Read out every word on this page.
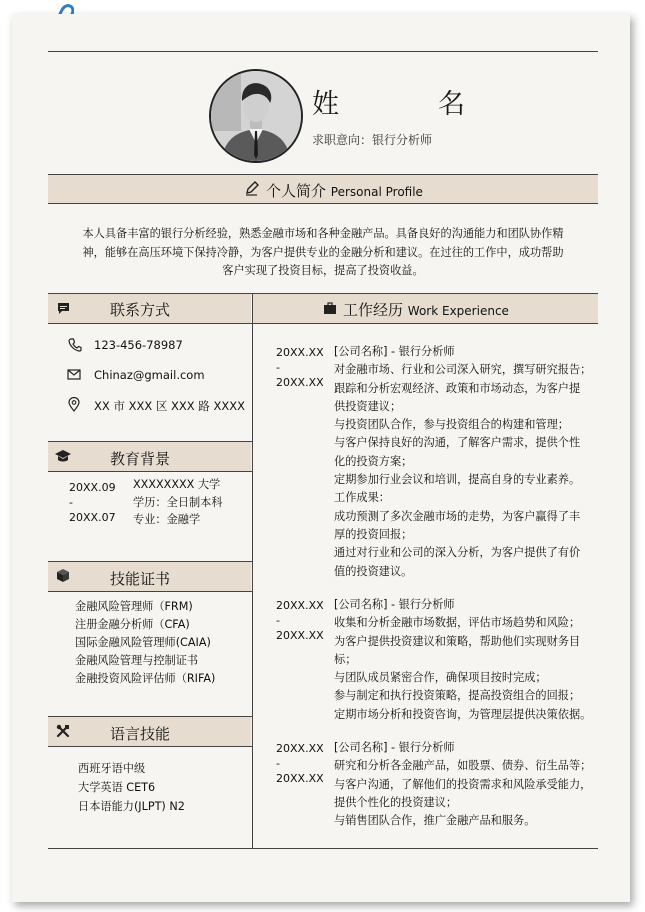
姓　名
求职意向：银行分析师
个人简介 Personal Profile
本人具备丰富的银行分析经验，熟悉金融市场和各种金融产品。具备良好的沟通能力和团队协作精
神，能够在高压环境下保持冷静，为客户提供专业的金融分析和建议。在过往的工作中，成功帮助
客户实现了投资目标，提高了投资收益。
联系方式
123-456-78987
Chinaz@gmail.com
XX 市 XXX 区 XXX 路 XXXX
教育背景
20XX.09
-
20XX.07
XXXXXXXX 大学
学历：全日制本科
专业：金融学
技能证书
金融风险管理师（FRM)
注册金融分析师（CFA)
国际金融风险管理师(CAIA)
金融风险管理与控制证书
金融投资风险评估师（RIFA)
语言技能
西班牙语中级
大学英语 CET6
日本语能力(JLPT) N2
工作经历 Work Experience
20XX.XX
-
20XX.XX
[公司名称] - 银行分析师
对金融市场、行业和公司深入研究，撰写研究报告；
跟踪和分析宏观经济、政策和市场动态，为客户提
供投资建议；
与投资团队合作，参与投资组合的构建和管理；
与客户保持良好的沟通，了解客户需求，提供个性
化的投资方案；
定期参加行业会议和培训，提高自身的专业素养。
工作成果：
成功预测了多次金融市场的走势，为客户赢得了丰
厚的投资回报；
通过对行业和公司的深入分析，为客户提供了有价
值的投资建议。
20XX.XX
-
20XX.XX
[公司名称] - 银行分析师
收集和分析金融市场数据，评估市场趋势和风险；
为客户提供投资建议和策略，帮助他们实现财务目
标；
与团队成员紧密合作，确保项目按时完成；
参与制定和执行投资策略，提高投资组合的回报；
定期市场分析和投资咨询，为管理层提供决策依据。
20XX.XX
-
20XX.XX
[公司名称] - 银行分析师
研究和分析各金融产品，如股票、债券、衍生品等；
与客户沟通，了解他们的投资需求和风险承受能力，
提供个性化的投资建议；
与销售团队合作，推广金融产品和服务。
